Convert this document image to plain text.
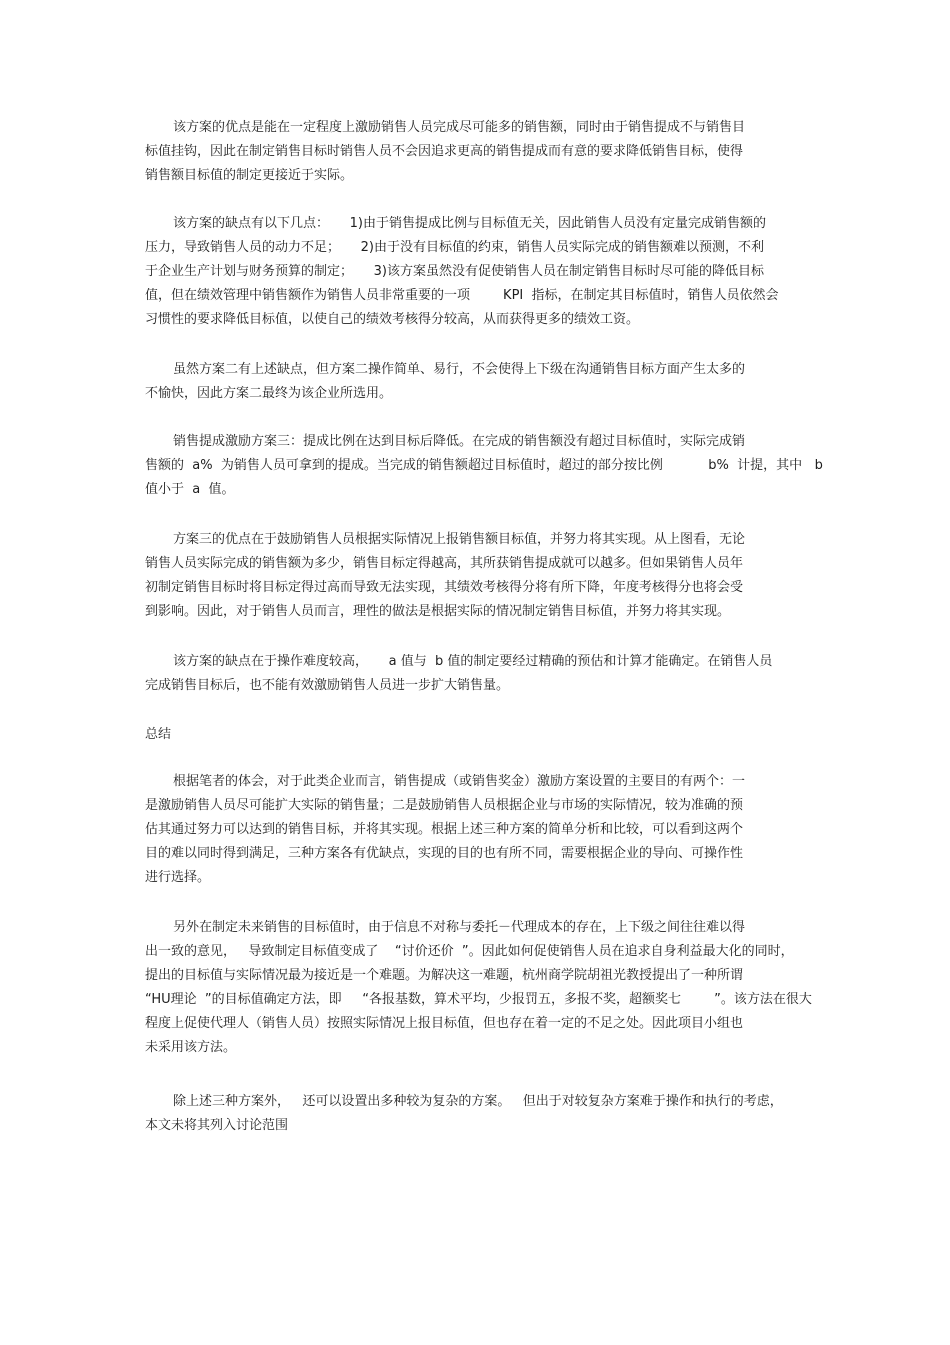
该方案的优点是能在一定程度上激励销售人员完成尽可能多的销售额，同时由于销售提成不与销售目
标值挂钩，因此在制定销售目标时销售人员不会因追求更高的销售提成而有意的要求降低销售目标，使得
销售额目标值的制定更接近于实际。
该方案的缺点有以下几点：     1)由于销售提成比例与目标值无关，因此销售人员没有定量完成销售额的
压力，导致销售人员的动力不足；     2)由于没有目标值的约束，销售人员实际完成的销售额难以预测，不利
于企业生产计划与财务预算的制定；     3)该方案虽然没有促使销售人员在制定销售目标时尽可能的降低目标
值，但在绩效管理中销售额作为销售人员非常重要的一项        KPI  指标，在制定其目标值时，销售人员依然会
习惯性的要求降低目标值，以使自己的绩效考核得分较高，从而获得更多的绩效工资。
虽然方案二有上述缺点，但方案二操作简单、易行，不会使得上下级在沟通销售目标方面产生太多的
不愉快，因此方案二最终为该企业所选用。
销售提成激励方案三：提成比例在达到目标后降低。在完成的销售额没有超过目标值时，实际完成销
售额的  a%  为销售人员可拿到的提成。当完成的销售额超过目标值时，超过的部分按比例           b%  计提，其中   b
值小于  a  值。
方案三的优点在于鼓励销售人员根据实际情况上报销售额目标值，并努力将其实现。从上图看，无论
销售人员实际完成的销售额为多少，销售目标定得越高，其所获销售提成就可以越多。但如果销售人员年
初制定销售目标时将目标定得过高而导致无法实现，其绩效考核得分将有所下降，年度考核得分也将会受
到影响。因此，对于销售人员而言，理性的做法是根据实际的情况制定销售目标值，并努力将其实现。
该方案的缺点在于操作难度较高，     a 值与  b 值的制定要经过精确的预估和计算才能确定。在销售人员
完成销售目标后，也不能有效激励销售人员进一步扩大销售量。
总结
根据笔者的体会，对于此类企业而言，销售提成（或销售奖金）激励方案设置的主要目的有两个：一
是激励销售人员尽可能扩大实际的销售量；二是鼓励销售人员根据企业与市场的实际情况，较为准确的预
估其通过努力可以达到的销售目标，并将其实现。根据上述三种方案的简单分析和比较，可以看到这两个
目的难以同时得到满足，三种方案各有优缺点，实现的目的也有所不同，需要根据企业的导向、可操作性
进行选择。
另外在制定未来销售的目标值时，由于信息不对称与委托－代理成本的存在，上下级之间往往难以得
出一致的意见，   导致制定目标值变成了    “讨价还价  ”。因此如何促使销售人员在追求自身利益最大化的同时，
提出的目标值与实际情况最为接近是一个难题。为解决这一难题，杭州商学院胡祖光教授提出了一种所谓
“HU理论  ”的目标值确定方法，即     “各报基数，算术平均，少报罚五，多报不奖，超额奖七        ”。该方法在很大
程度上促使代理人（销售人员）按照实际情况上报目标值，但也存在着一定的不足之处。因此项目小组也
未采用该方法。
除上述三种方案外，   还可以设置出多种较为复杂的方案。   但出于对较复杂方案难于操作和执行的考虑，
本文未将其列入讨论范围
